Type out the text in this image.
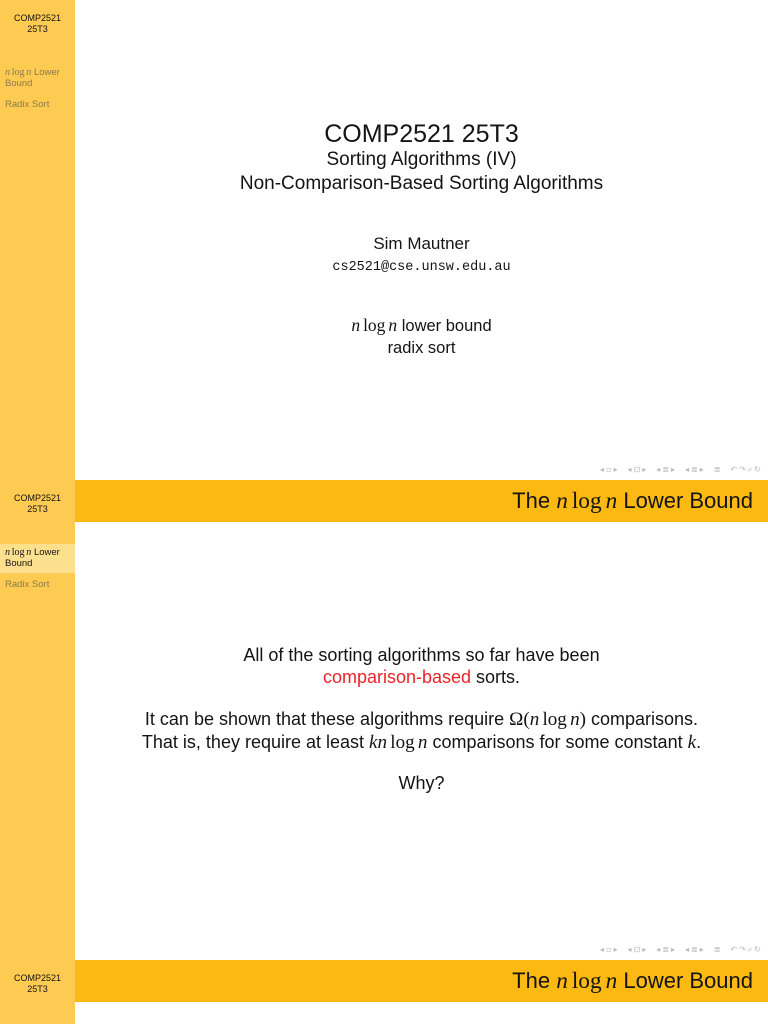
COMP2521
25T3
n log n Lower Bound
Radix Sort
COMP2521 25T3
Sorting Algorithms (IV)
Non-Comparison-Based Sorting Algorithms
Sim Mautner
cs2521@cse.unsw.edu.au
n log n lower bound
radix sort
◂ ▫ ▸ ◂ ⊡ ▸ ◂ ≣ ▸ ◂ ≣ ▸ ≣ ↶ ↷ ⌕ ↻
COMP2521
25T3
n log n Lower Bound
Radix Sort
The n log n Lower Bound
All of the sorting algorithms so far have been
comparison-based sorts.
It can be shown that these algorithms require Ω(n log n) comparisons.
That is, they require at least kn log n comparisons for some constant k.
Why?
◂ ▫ ▸ ◂ ⊡ ▸ ◂ ≣ ▸ ◂ ≣ ▸ ≣ ↶ ↷ ⌕ ↻
COMP2521
25T3	The n log n Lower Bound
